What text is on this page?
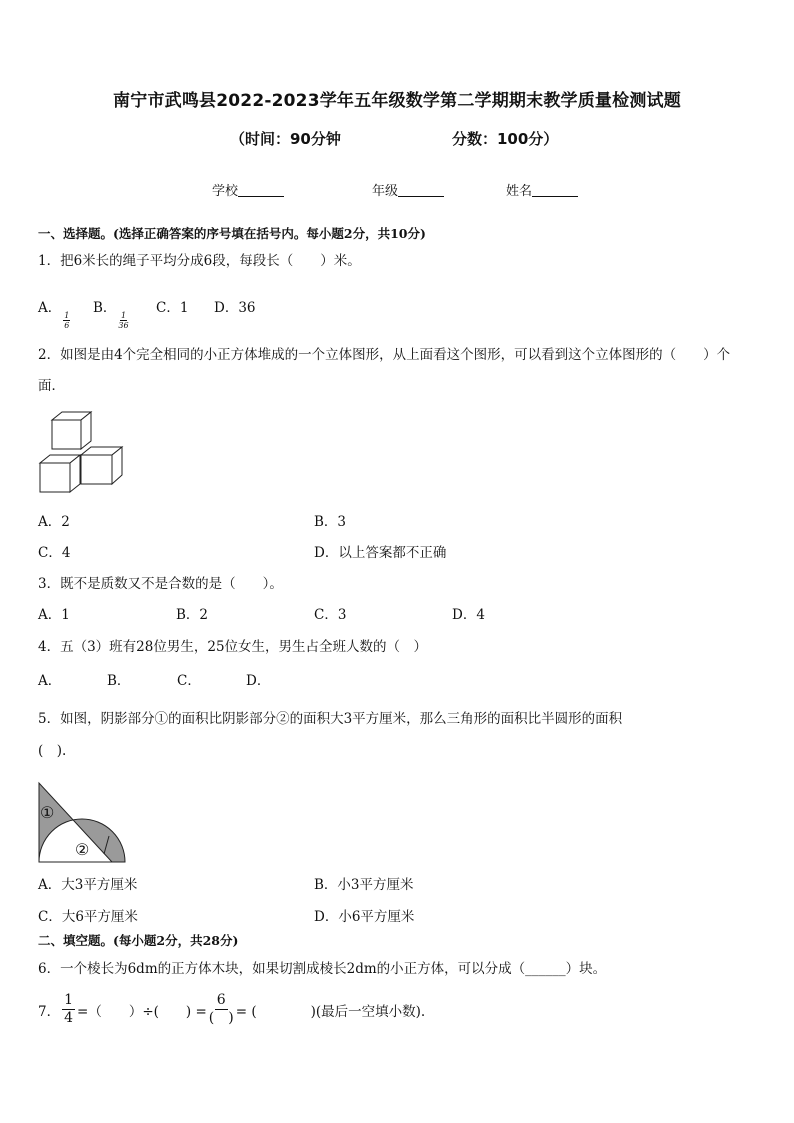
南宁市武鸣县2022-2023学年五年级数学第二学期期末教学质量检测试题
（时间：90分钟	分数：100分）
学校	年级	姓名
一、选择题。(选择正确答案的序号填在括号内。每小题2分，共10分)
1．把6米长的绳子平均分成6段，每段长（　　）米。
A．
$\frac{1}{6}$
B．
$\frac{1}{36}$
C．1 D．36
2．如图是由4个完全相同的小正方体堆成的一个立体图形，从上面看这个图形，可以看到这个立体图形的（　　）个
面．
A．2	B．3
C．4	D．以上答案都不正确
3．既不是质数又不是合数的是（　　）。
A．1	B．2	C．3	D．4
4．五（3）班有28位男生，25位女生，男生占全班人数的（　）
A．	B．	C．	D．
5．如图，阴影部分①的面积比阴影部分②的面积大3平方厘米，那么三角形的面积比半圆形的面积
(　).
①
②
A．大3平方厘米	B．小3平方厘米
C．大6平方厘米	D．小6平方厘米
二、填空题。(每小题2分，共28分)
6．一个棱长为6dm的正方体木块，如果切割成棱长2dm的小正方体，可以分成（______）块。
7． $\frac{1}{4}$ =（　　）÷(　　) = $\frac{6}{( )}$ = (　　　　)(最后一空填小数).
